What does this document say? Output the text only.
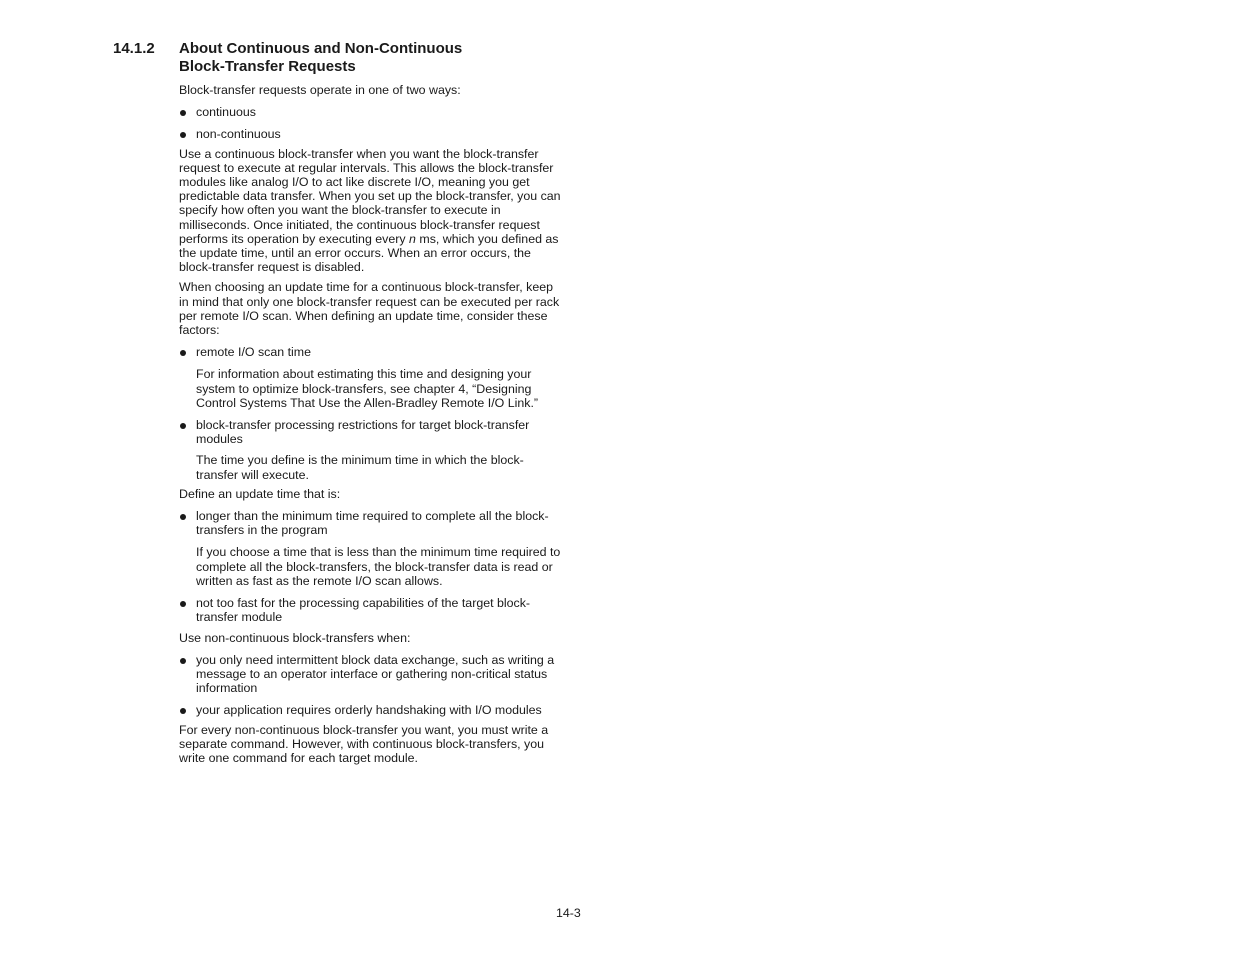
14.1.2 About Continuous and Non-Continuous
Block-Transfer Requests

Block-transfer requests operate in one of two ways:

continuous
non-continuous

Use a continuous block-transfer when you want the block-transfer request to execute at regular intervals. This allows the block-transfer modules like analog I/O to act like discrete I/O, meaning you get predictable data transfer. When you set up the block-transfer, you can specify how often you want the block-transfer to execute in milliseconds. Once initiated, the continuous block-transfer request performs its operation by executing every n ms, which you defined as the update time, until an error occurs. When an error occurs, the block-transfer request is disabled.

When choosing an update time for a continuous block-transfer, keep in mind that only one block-transfer request can be executed per rack per remote I/O scan. When defining an update time, consider these factors:

remote I/O scan time

For information about estimating this time and designing your system to optimize block-transfers, see chapter 4, “Designing Control Systems That Use the Allen-Bradley Remote I/O Link.”

block-transfer processing restrictions for target block-transfer modules

The time you define is the minimum time in which the block-transfer will execute.

Define an update time that is:

longer than the minimum time required to complete all the block-transfers in the program

If you choose a time that is less than the minimum time required to complete all the block-transfers, the block-transfer data is read or written as fast as the remote I/O scan allows.

not too fast for the processing capabilities of the target block-transfer module

Use non-continuous block-transfers when:

you only need intermittent block data exchange, such as writing a message to an operator interface or gathering non-critical status information
your application requires orderly handshaking with I/O modules

For every non-continuous block-transfer you want, you must write a separate command. However, with continuous block-transfers, you write one command for each target module.

14-3
